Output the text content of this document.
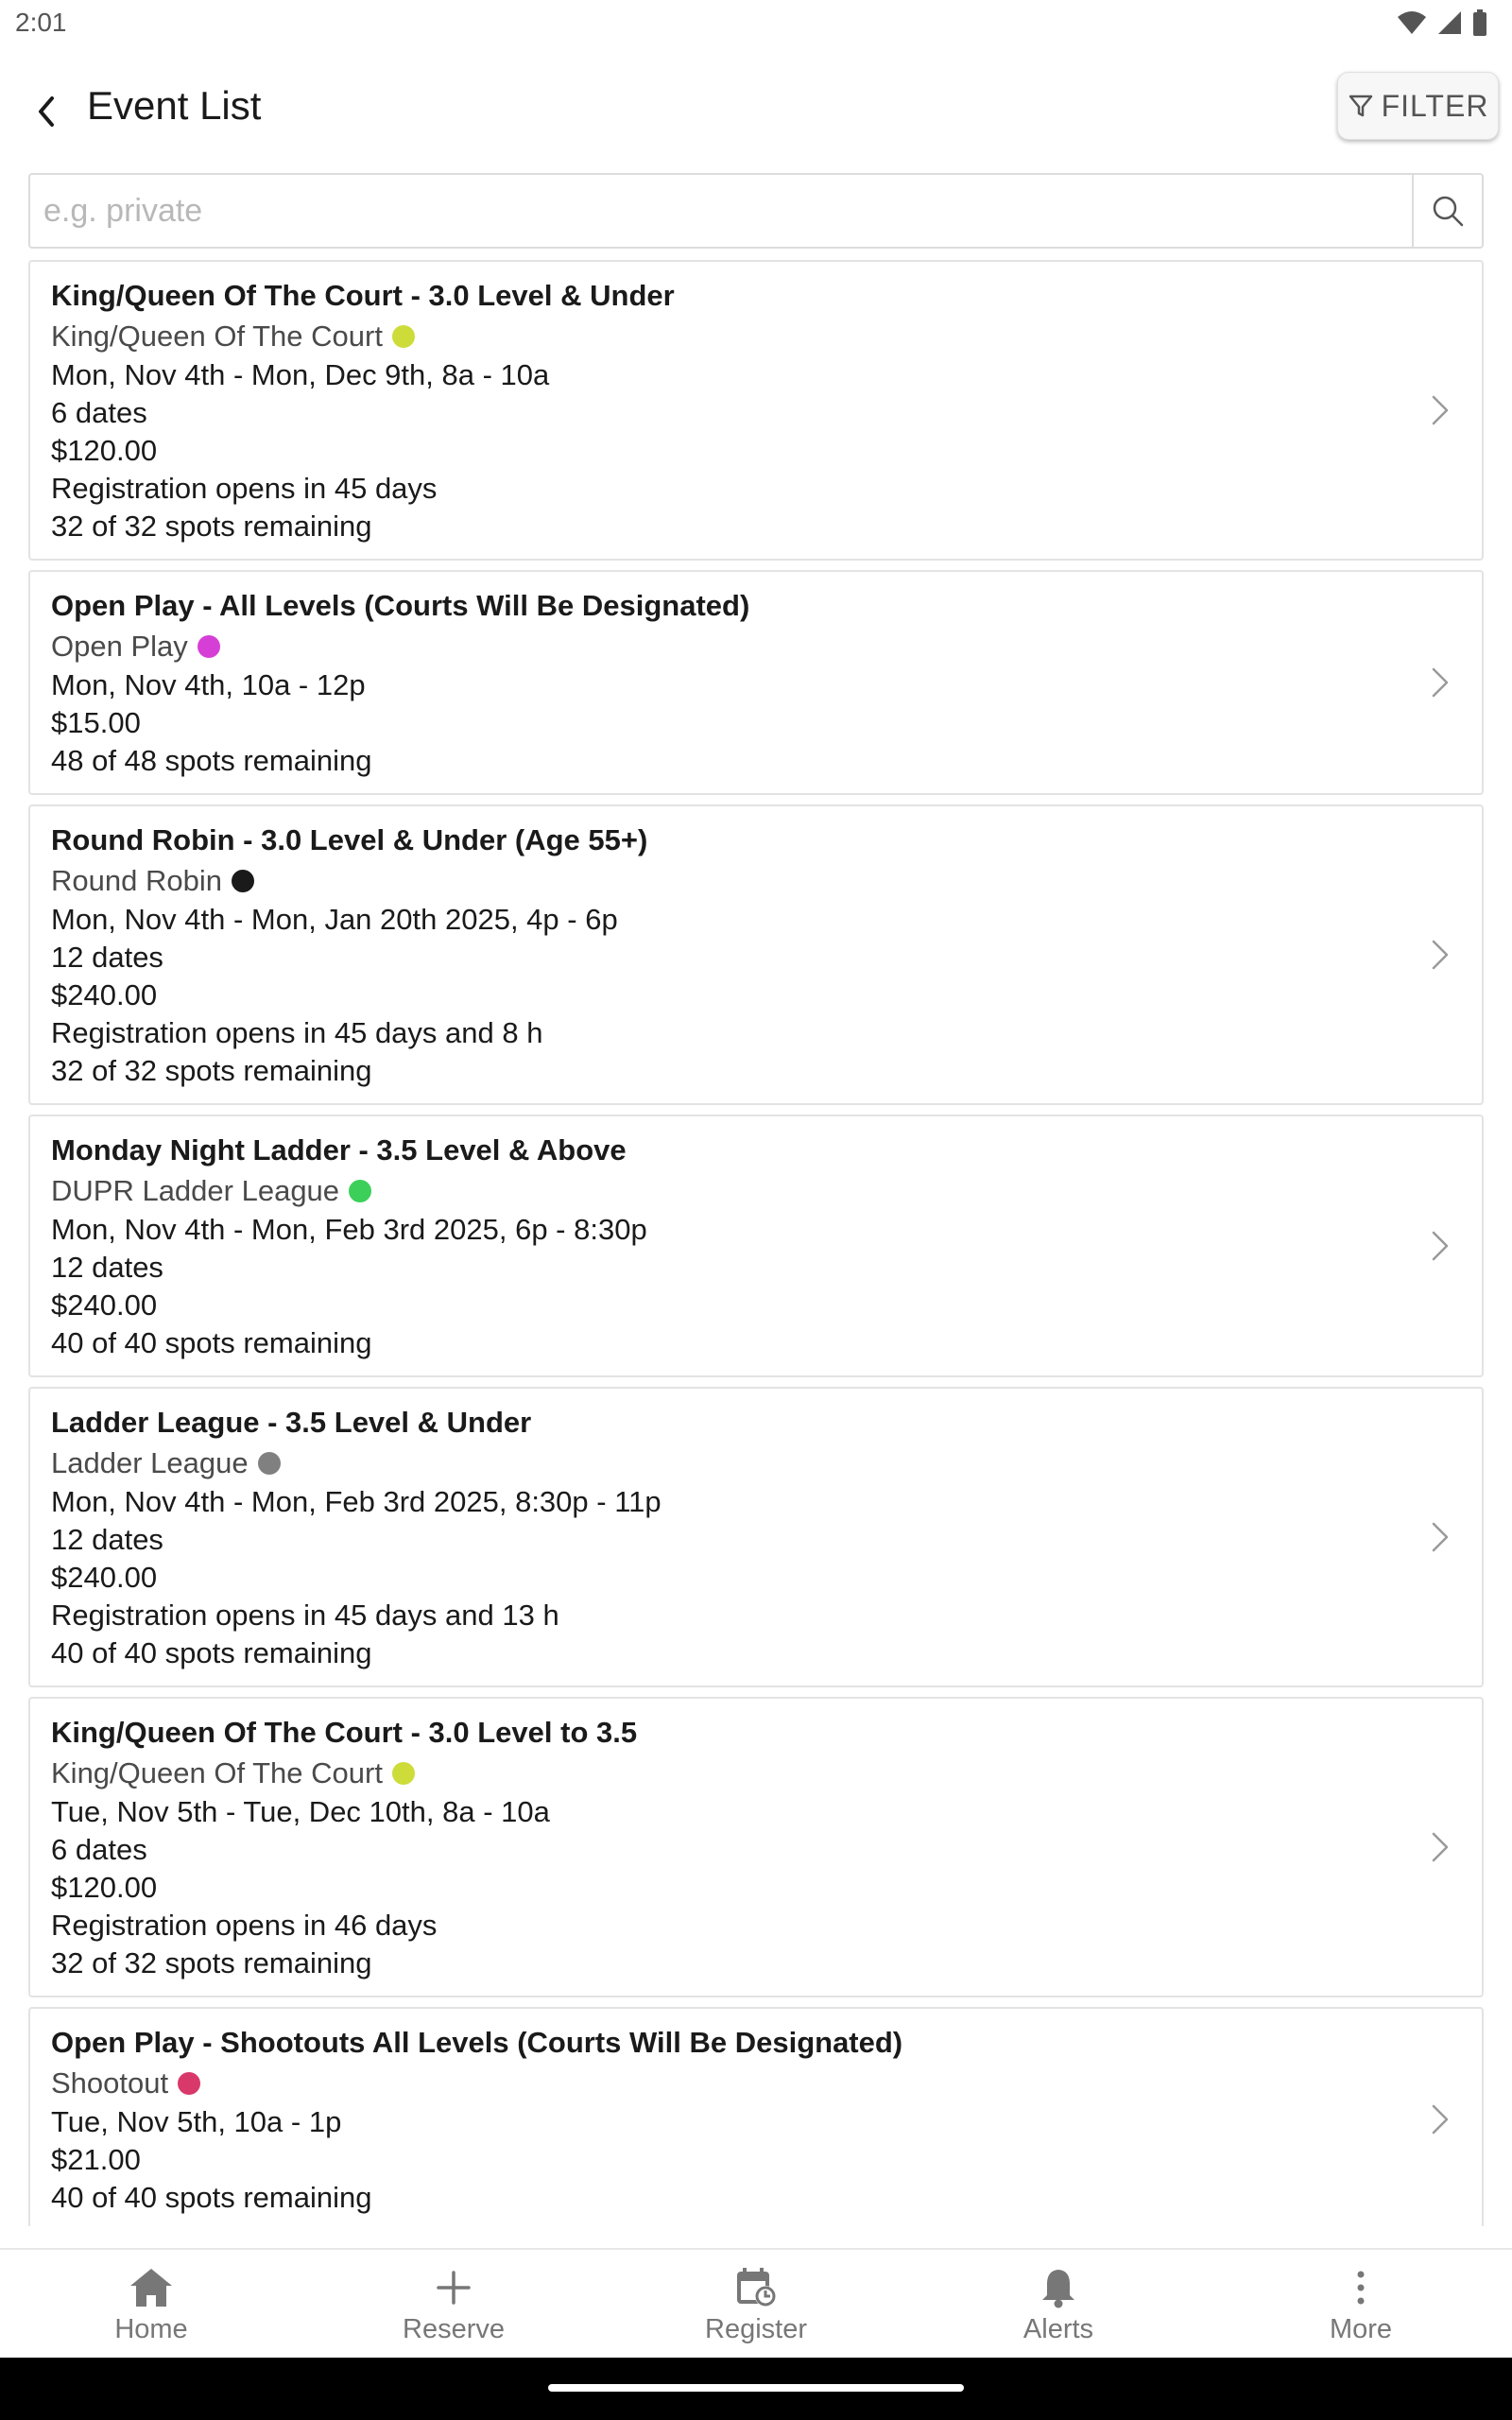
2:01
Event List	FILTER
e.g. private
King/Queen Of The Court - 3.0 Level & Under
King/Queen Of The Court
Mon, Nov 4th - Mon, Dec 9th, 8a - 10a
6 dates
$120.00
Registration opens in 45 days
32 of 32 spots remaining
Open Play - All Levels (Courts Will Be Designated)
Open Play
Mon, Nov 4th, 10a - 12p
$15.00
48 of 48 spots remaining
Round Robin - 3.0 Level & Under (Age 55+)
Round Robin
Mon, Nov 4th - Mon, Jan 20th 2025, 4p - 6p
12 dates
$240.00
Registration opens in 45 days and 8 h
32 of 32 spots remaining
Monday Night Ladder - 3.5 Level & Above
DUPR Ladder League
Mon, Nov 4th - Mon, Feb 3rd 2025, 6p - 8:30p
12 dates
$240.00
40 of 40 spots remaining
Ladder League - 3.5 Level & Under
Ladder League
Mon, Nov 4th - Mon, Feb 3rd 2025, 8:30p - 11p
12 dates
$240.00
Registration opens in 45 days and 13 h
40 of 40 spots remaining
King/Queen Of The Court - 3.0 Level to 3.5
King/Queen Of The Court
Tue, Nov 5th - Tue, Dec 10th, 8a - 10a
6 dates
$120.00
Registration opens in 46 days
32 of 32 spots remaining
Open Play - Shootouts All Levels (Courts Will Be Designated)
Shootout
Tue, Nov 5th, 10a - 1p
$21.00
40 of 40 spots remaining
Home	Reserve	Register	Alerts	More
